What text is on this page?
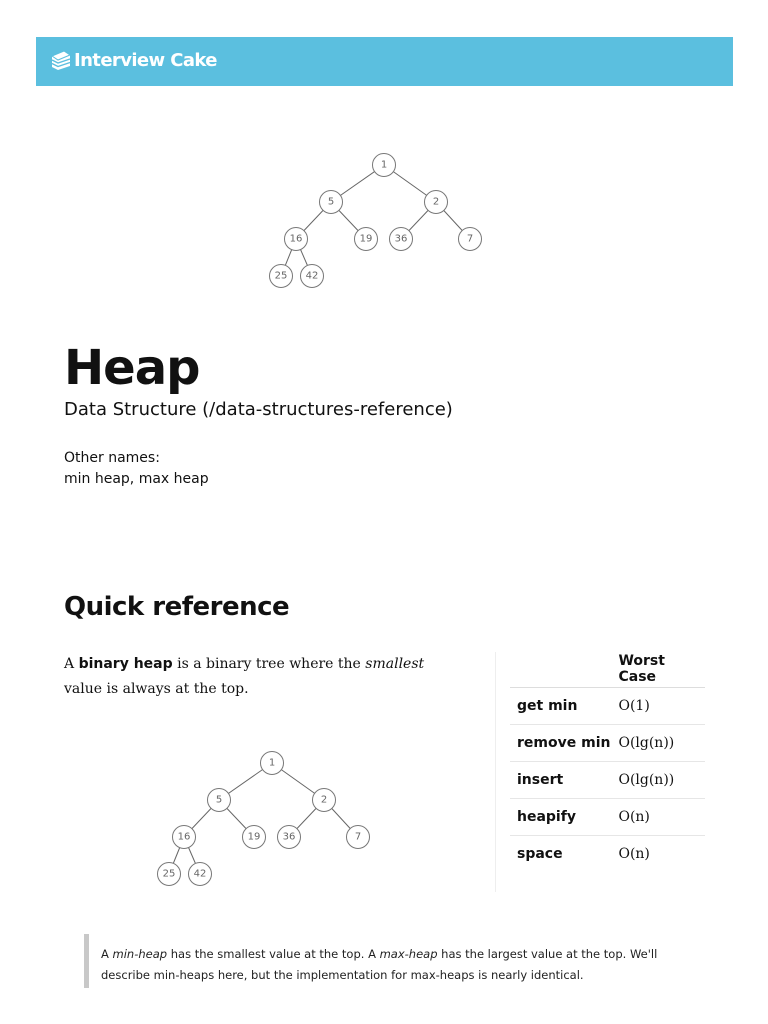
Interview Cake
1
5	2
16	19 36	7
25 42
Heap
Data Structure (/data-structures-reference)
Other names:
min heap, max heap
Quick reference
A binary heap is a binary tree where the smallest value is always at the top.
	Worst Case
get min	O(1)
remove min	O(lg(n))
insert	O(lg(n))
heapify	O(n)
space	O(n)
1
5	2
16	19 36	7
25 42
A min-heap has the smallest value at the top. A max-heap has the largest value at the top. We'll describe min-heaps here, but the implementation for max-heaps is nearly identical.
